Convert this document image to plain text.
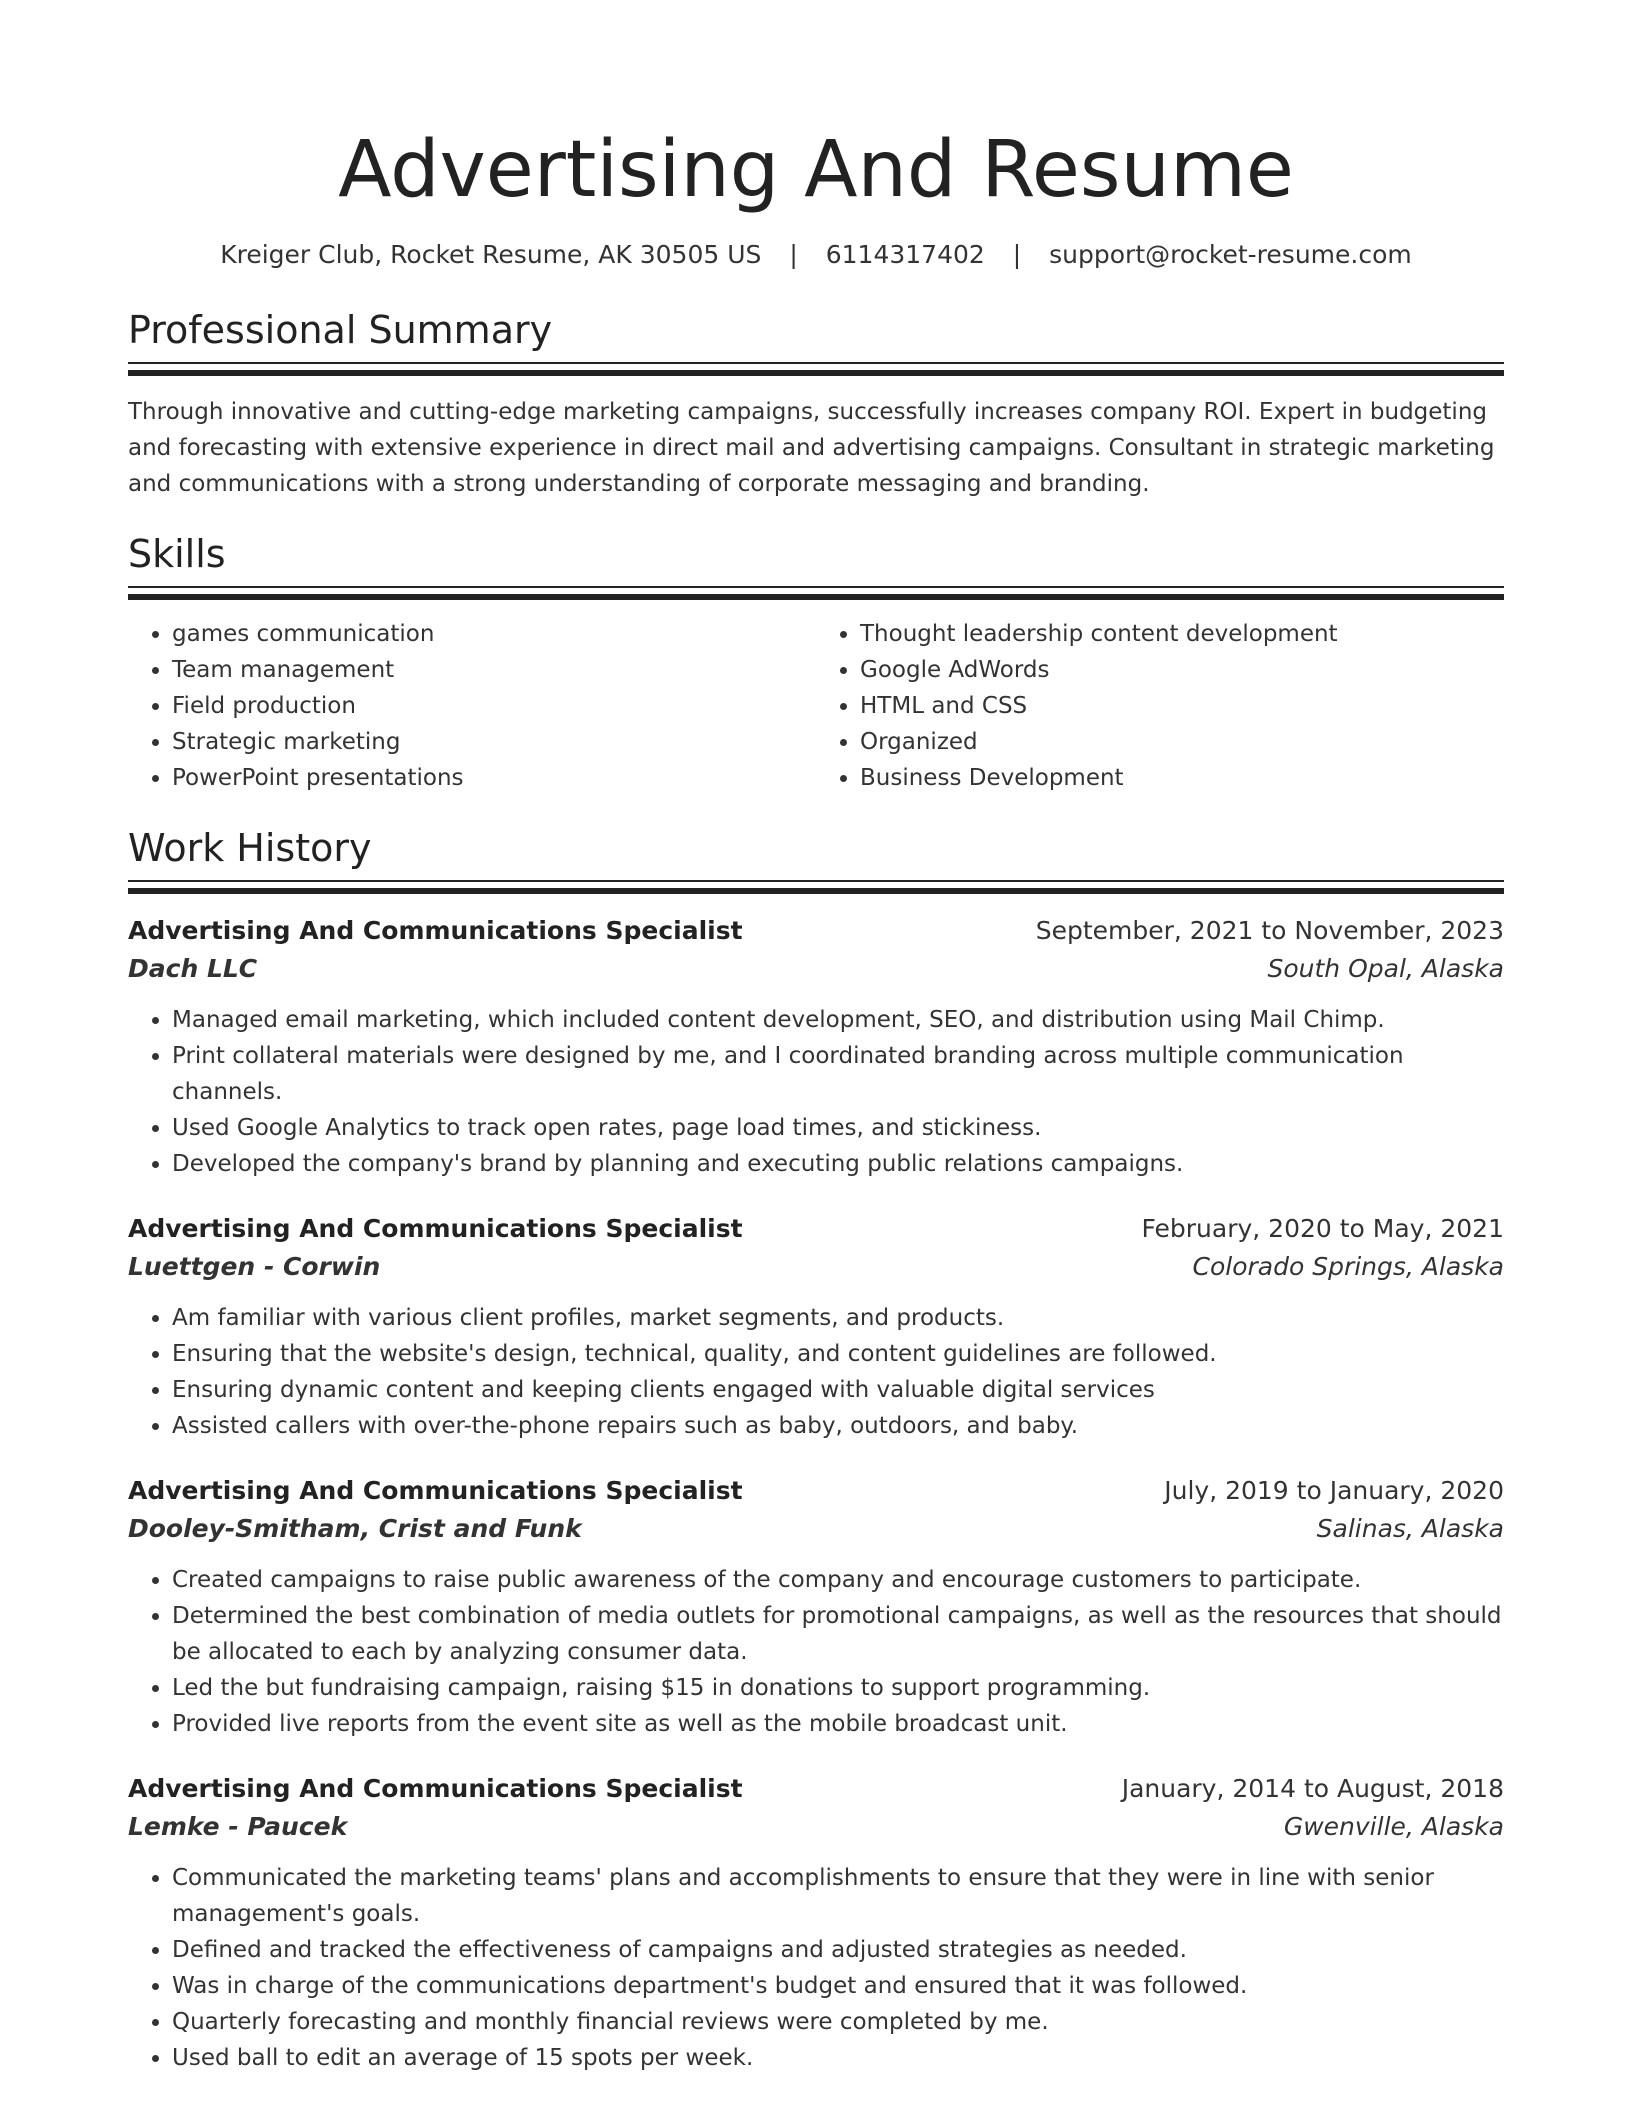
Advertising And Resume
Kreiger Club, Rocket Resume, AK 30505 US | 6114317402 | support@rocket-resume.com
Professional Summary
Through innovative and cutting-edge marketing campaigns, successfully increases company ROI. Expert in budgeting and forecasting with extensive experience in direct mail and advertising campaigns. Consultant in strategic marketing and communications with a strong understanding of corporate messaging and branding.
Skills
• games communication
• Team management
• Field production
• Strategic marketing
• PowerPoint presentations
• Thought leadership content development
• Google AdWords
• HTML and CSS
• Organized
• Business Development
Work History
Advertising And Communications Specialist	September, 2021 to November, 2023
Dach LLC	South Opal, Alaska
• Managed email marketing, which included content development, SEO, and distribution using Mail Chimp.
• Print collateral materials were designed by me, and I coordinated branding across multiple communication channels.
• Used Google Analytics to track open rates, page load times, and stickiness.
• Developed the company's brand by planning and executing public relations campaigns.
Advertising And Communications Specialist	February, 2020 to May, 2021
Luettgen - Corwin	Colorado Springs, Alaska
• Am familiar with various client profiles, market segments, and products.
• Ensuring that the website's design, technical, quality, and content guidelines are followed.
• Ensuring dynamic content and keeping clients engaged with valuable digital services
• Assisted callers with over-the-phone repairs such as baby, outdoors, and baby.
Advertising And Communications Specialist	July, 2019 to January, 2020
Dooley-Smitham, Crist and Funk	Salinas, Alaska
• Created campaigns to raise public awareness of the company and encourage customers to participate.
• Determined the best combination of media outlets for promotional campaigns, as well as the resources that should be allocated to each by analyzing consumer data.
• Led the but fundraising campaign, raising $15 in donations to support programming.
• Provided live reports from the event site as well as the mobile broadcast unit.
Advertising And Communications Specialist	January, 2014 to August, 2018
Lemke - Paucek	Gwenville, Alaska
• Communicated the marketing teams' plans and accomplishments to ensure that they were in line with senior management's goals.
• Defined and tracked the effectiveness of campaigns and adjusted strategies as needed.
• Was in charge of the communications department's budget and ensured that it was followed.
• Quarterly forecasting and monthly financial reviews were completed by me.
• Used ball to edit an average of 15 spots per week.
